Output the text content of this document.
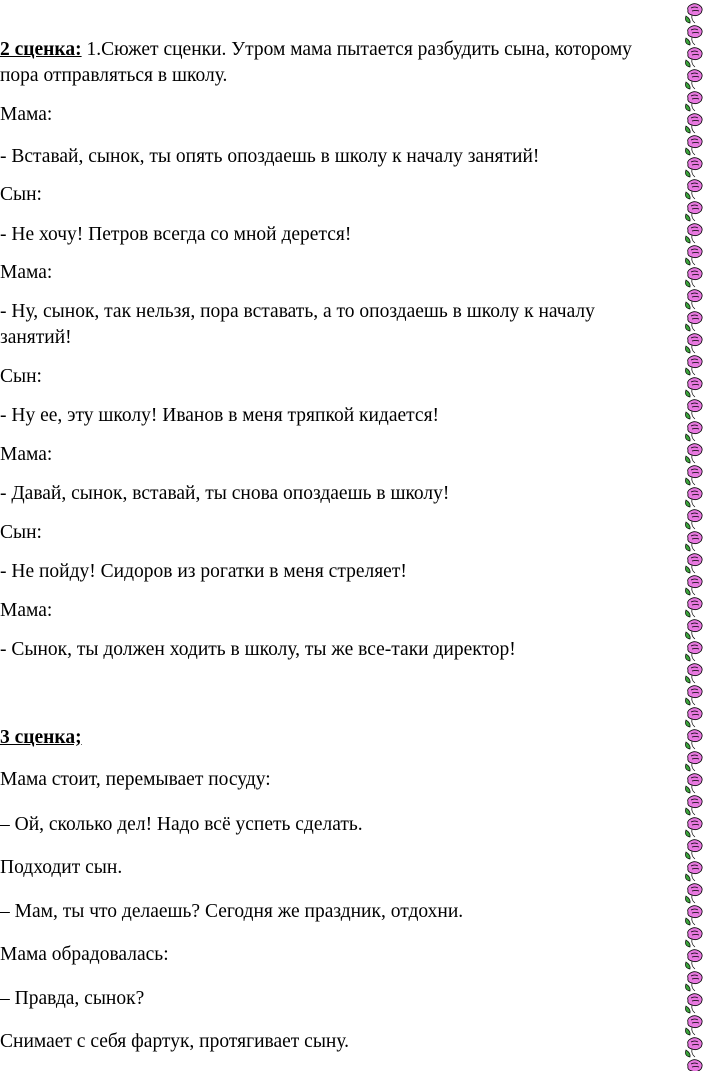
2 сценка: 1.Сюжет сценки. Утром мама пытается разбудить сына, которому
пора отправляться в школу.
Мама:
- Вставай, сынок, ты опять опоздаешь в школу к началу занятий!
Сын:
- Не хочу! Петров всегда со мной дерется!
Мама:
- Ну, сынок, так нельзя, пора вставать, а то опоздаешь в школу к началу
занятий!
Сын:
- Ну ее, эту школу! Иванов в меня тряпкой кидается!
Мама:
- Давай, сынок, вставай, ты снова опоздаешь в школу!
Сын:
- Не пойду! Сидоров из рогатки в меня стреляет!
Мама:
- Сынок, ты должен ходить в школу, ты же все-таки директор!
3 сценка;
Мама стоит, перемывает посуду:
– Ой, сколько дел! Надо всё успеть сделать.
Подходит сын.
– Мам, ты что делаешь? Сегодня же праздник, отдохни.
Мама обрадовалась:
– Правда, сынок?
Снимает с себя фартук, протягивает сыну.
